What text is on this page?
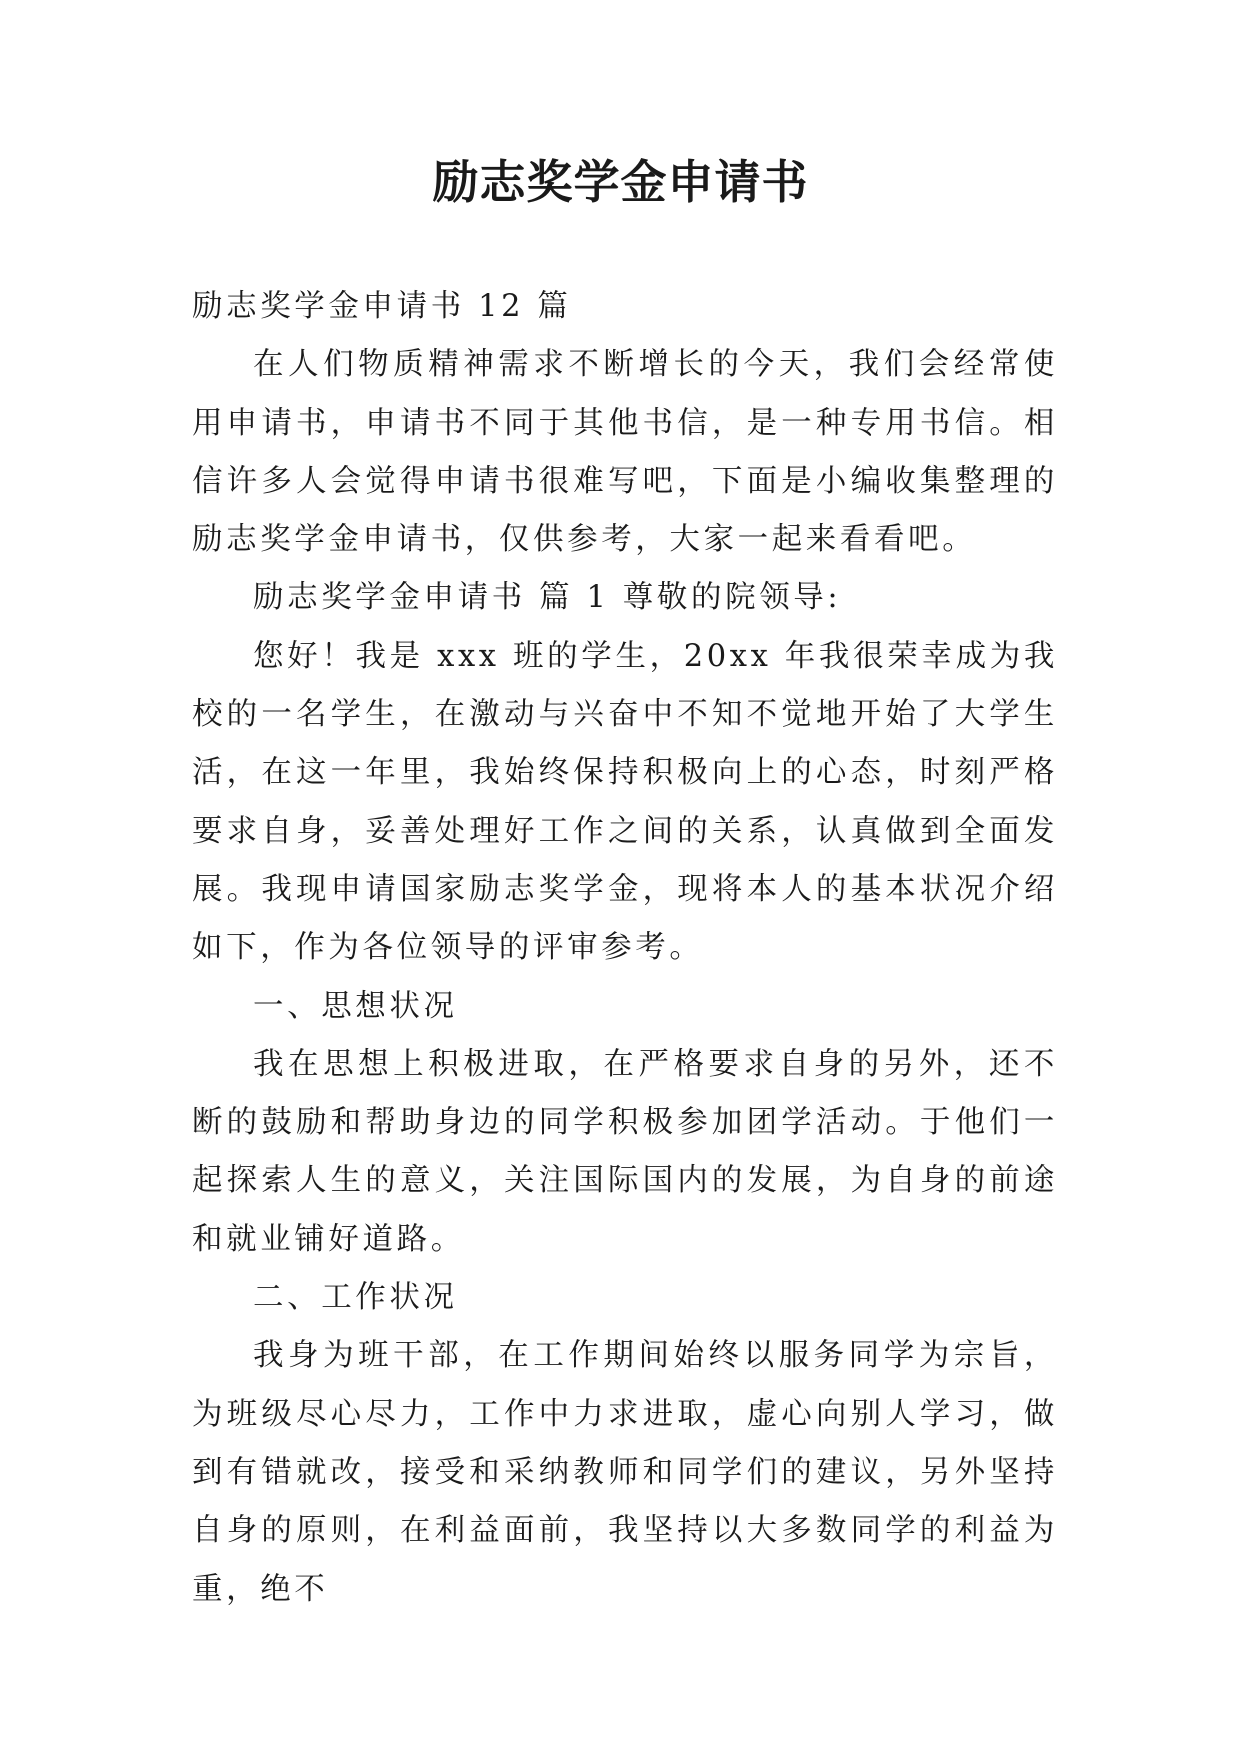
励志奖学金申请书

励志奖学金申请书 12 篇

在人们物质精神需求不断增长的今天，我们会经常使用申请书，申请书不同于其他书信，是一种专用书信。相信许多人会觉得申请书很难写吧，下面是小编收集整理的励志奖学金申请书，仅供参考，大家一起来看看吧。

励志奖学金申请书 篇 1 尊敬的院领导:

您好！我是 xxx 班的学生，20xx 年我很荣幸成为我校的一名学生，在激动与兴奋中不知不觉地开始了大学生活，在这一年里，我始终保持积极向上的心态，时刻严格要求自身，妥善处理好工作之间的关系，认真做到全面发展。我现申请国家励志奖学金，现将本人的基本状况介绍如下，作为各位领导的评审参考。

一、思想状况

我在思想上积极进取，在严格要求自身的另外，还不断的鼓励和帮助身边的同学积极参加团学活动。于他们一起探索人生的意义，关注国际国内的发展，为自身的前途和就业铺好道路。

二、工作状况

我身为班干部，在工作期间始终以服务同学为宗旨，为班级尽心尽力，工作中力求进取，虚心向别人学习，做到有错就改，接受和采纳教师和同学们的建议，另外坚持自身的原则，在利益面前，我坚持以大多数同学的利益为重，绝不
